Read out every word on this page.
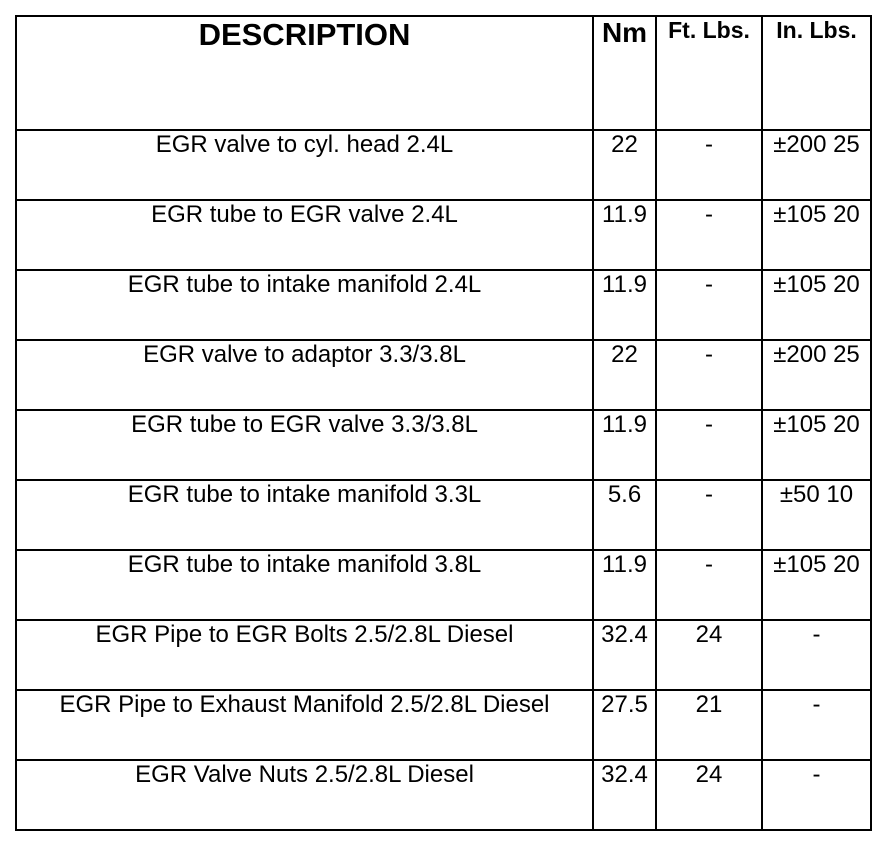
DESCRIPTION	Nm	Ft. Lbs.	In. Lbs.
EGR valve to cyl. head 2.4L	22	-	±200 25
EGR tube to EGR valve 2.4L	11.9	-	±105 20
EGR tube to intake manifold 2.4L	11.9	-	±105 20
EGR valve to adaptor 3.3/3.8L	22	-	±200 25
EGR tube to EGR valve 3.3/3.8L	11.9	-	±105 20
EGR tube to intake manifold 3.3L	5.6	-	±50 10
EGR tube to intake manifold 3.8L	11.9	-	±105 20
EGR Pipe to EGR Bolts 2.5/2.8L Diesel	32.4	24	-
EGR Pipe to Exhaust Manifold 2.5/2.8L Diesel	27.5	21	-
EGR Valve Nuts 2.5/2.8L Diesel	32.4	24	-
